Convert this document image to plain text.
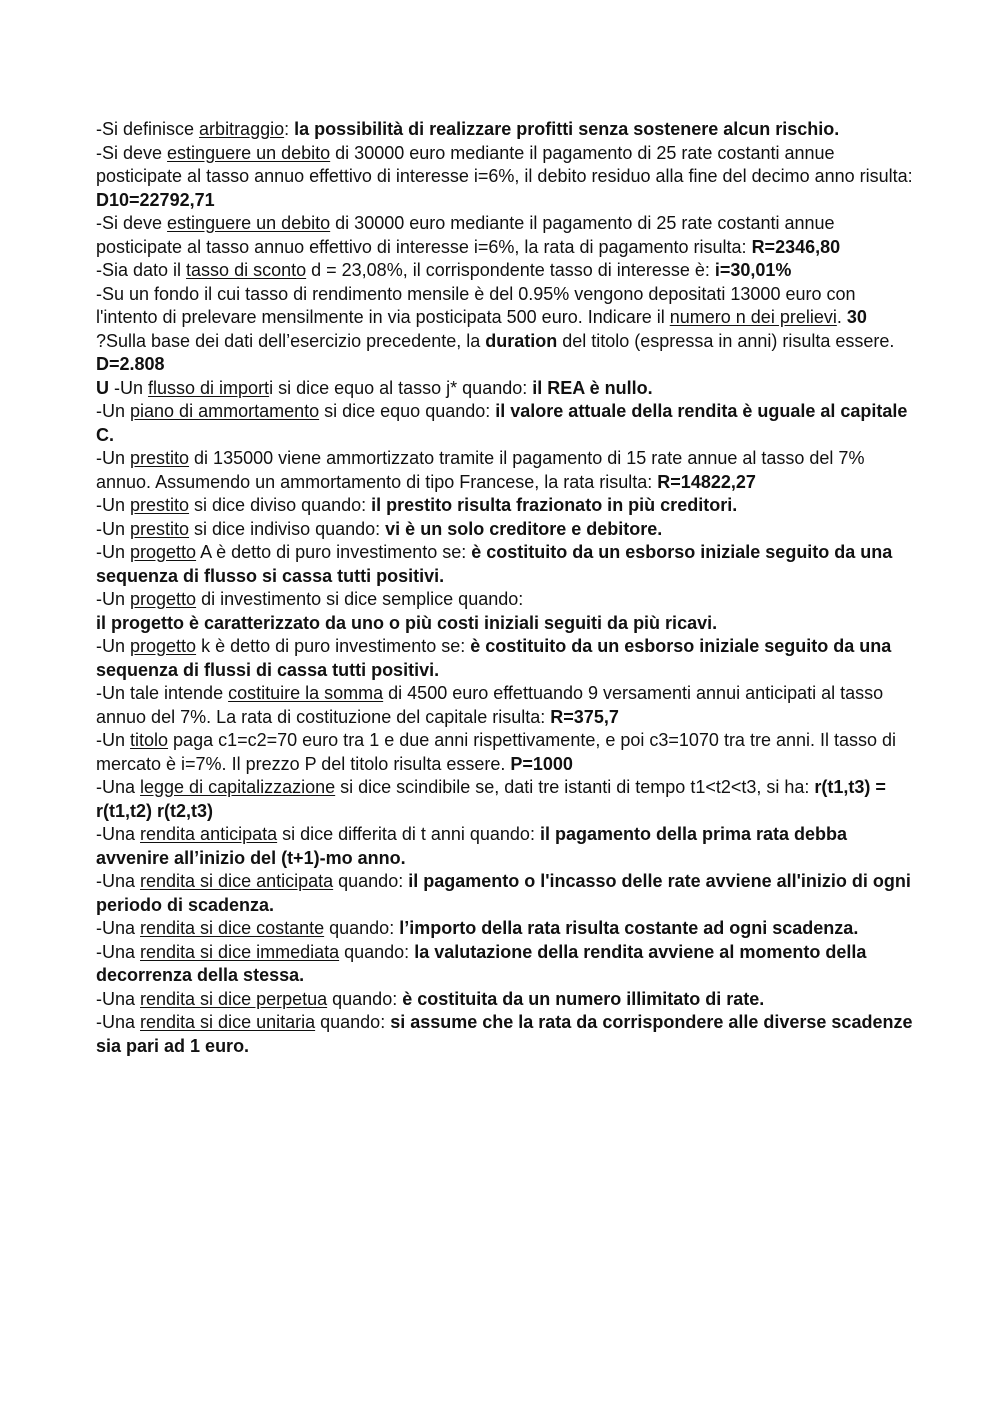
-Si definisce arbitraggio: la possibilità di realizzare profitti senza sostenere alcun rischio.

-Si deve estinguere un debito di 30000 euro mediante il pagamento di 25 rate costanti annue posticipate al tasso annuo effettivo di interesse i=6%, il debito residuo alla fine del decimo anno risulta: D10=22792,71

-Si deve estinguere un debito di 30000 euro mediante il pagamento di 25 rate costanti annue posticipate al tasso annuo effettivo di interesse i=6%, la rata di pagamento risulta: R=2346,80

-Sia dato il tasso di sconto d = 23,08%, il corrispondente tasso di interesse è: i=30,01%

-Su un fondo il cui tasso di rendimento mensile è del 0.95% vengono depositati 13000 euro con l'intento di prelevare mensilmente in via posticipata 500 euro. Indicare il numero n dei prelievi. 30

?Sulla base dei dati dell’esercizio precedente, la duration del titolo (espressa in anni) risulta essere. D=2.808

U -Un flusso di importi si dice equo al tasso j* quando: il REA è nullo.

-Un piano di ammortamento si dice equo quando: il valore attuale della rendita è uguale al capitale C.

-Un prestito di 135000 viene ammortizzato tramite il pagamento di 15 rate annue al tasso del 7% annuo. Assumendo un ammortamento di tipo Francese, la rata risulta: R=14822,27

-Un prestito si dice diviso quando: il prestito risulta frazionato in più creditori.

-Un prestito si dice indiviso quando: vi è un solo creditore e debitore.

-Un progetto A è detto di puro investimento se: è costituito da un esborso iniziale seguito da una sequenza di flusso si cassa tutti positivi.

-Un progetto di investimento si dice semplice quando:
il progetto è caratterizzato da uno o più costi iniziali seguiti da più ricavi.

-Un progetto k è detto di puro investimento se: è costituito da un esborso iniziale seguito da una sequenza di flussi di cassa tutti positivi.

-Un tale intende costituire la somma di 4500 euro effettuando 9 versamenti annui anticipati al tasso annuo del 7%. La rata di costituzione del capitale risulta: R=375,7

-Un titolo paga c1=c2=70 euro tra 1 e due anni rispettivamente, e poi c3=1070 tra tre anni. Il tasso di mercato è i=7%. Il prezzo P del titolo risulta essere. P=1000

-Una legge di capitalizzazione si dice scindibile se, dati tre istanti di tempo t1<t2<t3, si ha: r(t1,t3) = r(t1,t2) r(t2,t3)

-Una rendita anticipata si dice differita di t anni quando: il pagamento della prima rata debba avvenire all’inizio del (t+1)-mo anno.

-Una rendita si dice anticipata quando: il pagamento o l'incasso delle rate avviene all'inizio di ogni periodo di scadenza.

-Una rendita si dice costante quando: l’importo della rata risulta costante ad ogni scadenza.

-Una rendita si dice immediata quando: la valutazione della rendita avviene al momento della decorrenza della stessa.

-Una rendita si dice perpetua quando: è costituita da un numero illimitato di rate.

-Una rendita si dice unitaria quando: si assume che la rata da corrispondere alle diverse scadenze sia pari ad 1 euro.
